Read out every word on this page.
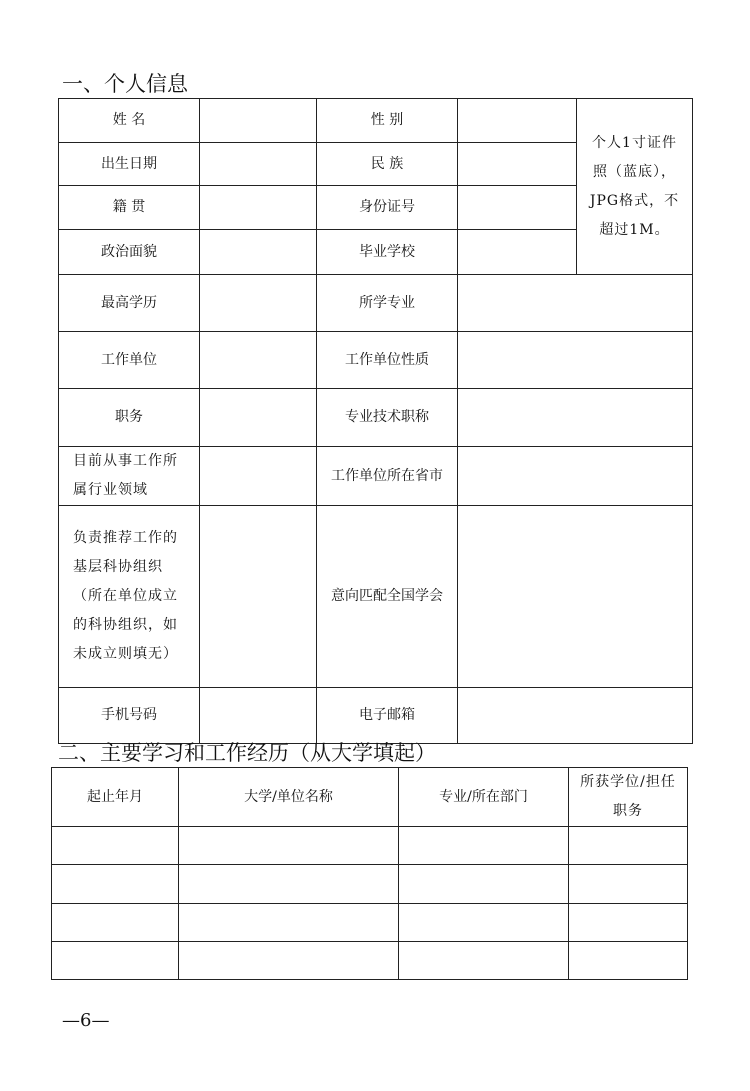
一、个人信息
姓 名		性 别		个人1寸证件照（蓝底），JPG格式，不超过1M。
出生日期		民 族		
籍 贯		身份证号		
政治面貌		毕业学校		
最高学历		所学专业		
工作单位		工作单位性质		
职务		专业技术职称		
目前从事工作所属行业领域		工作单位所在省市		
负责推荐工作的基层科协组织（所在单位成立的科协组织，如未成立则填无）		意向匹配全国学会		
手机号码		电子邮箱		
二、主要学习和工作经历（从大学填起）
起止年月	大学/单位名称	专业/所在部门	所获学位/担任职务

—6—
